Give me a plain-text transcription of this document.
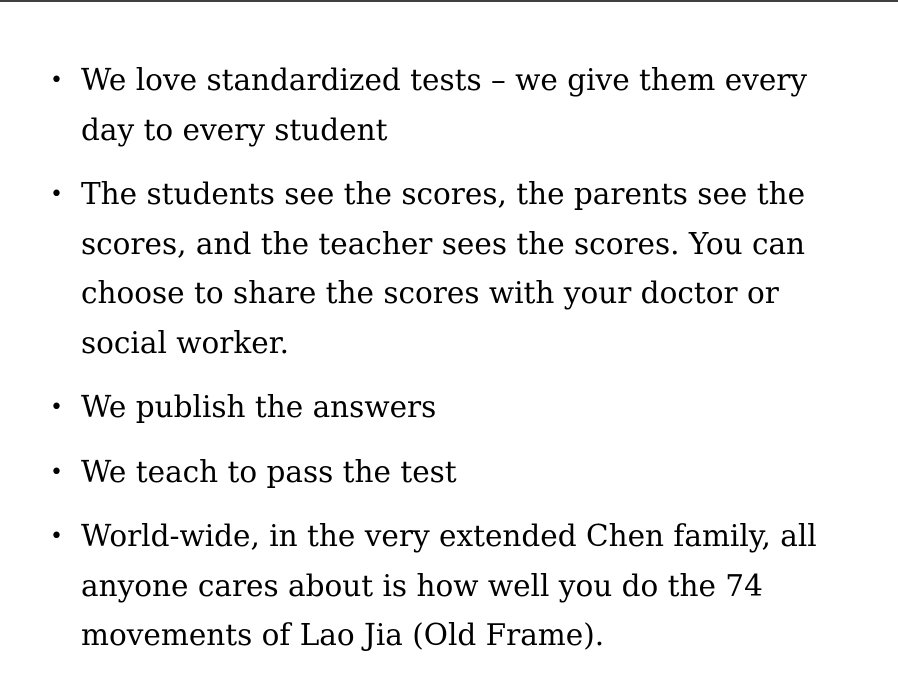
• We love standardized tests – we give them every day to every student
• The students see the scores, the parents see the scores, and the teacher sees the scores. You can choose to share the scores with your doctor or social worker.
• We publish the answers
• We teach to pass the test
• World-wide, in the very extended Chen family, all anyone cares about is how well you do the 74 movements of Lao Jia (Old Frame).
